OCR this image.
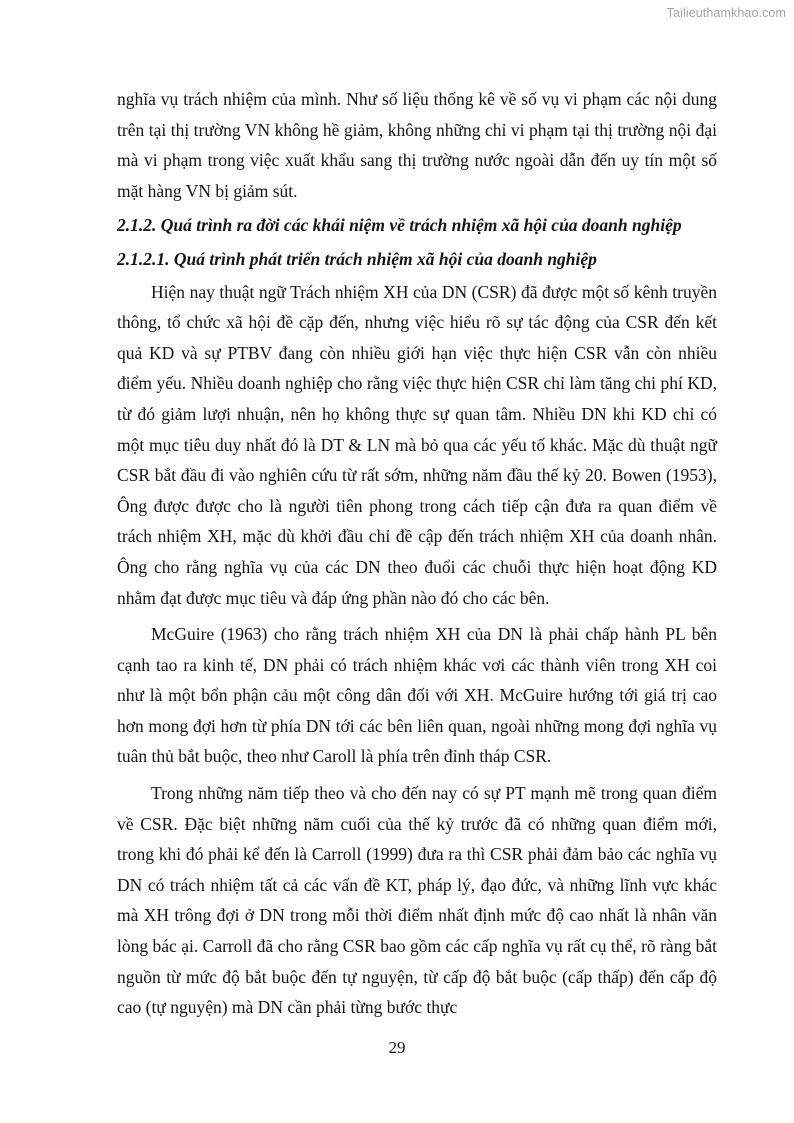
Tailieuthamkhao.com

nghĩa vụ trách nhiệm của mình. Như số liệu thống kê về số vụ vi phạm các nội dung trên tại thị trường VN không hề giảm, không những chỉ vi phạm tại thị trường nội đại mà vi phạm trong việc xuất khẩu sang thị trường nước ngoài dẫn đến uy tín một số mặt hàng VN bị giảm sút.

2.1.2. Quá trình ra đời các khái niệm về trách nhiệm xã hội của doanh nghiệp
2.1.2.1. Quá trình phát triển trách nhiệm xã hội của doanh nghiệp

Hiện nay thuật ngữ Trách nhiệm XH của DN (CSR) đã được một số kênh truyền thông, tổ chức xã hội đề cặp đến, nhưng việc hiểu rõ sự tác động của CSR đến kết quả KD và sự PTBV đang còn nhiều giới hạn việc thực hiện CSR vẫn còn nhiều điểm yếu. Nhiều doanh nghiệp cho rằng việc thực hiện CSR chỉ làm tăng chi phí KD, từ đó giảm lượi nhuận, nên họ không thực sự quan tâm. Nhiều DN khi KD chỉ có một mục tiêu duy nhất đó là DT & LN mà bỏ qua các yếu tố khác. Mặc dù thuật ngữ CSR bắt đầu đi vào nghiên cứu từ rất sớm, những năm đầu thế kỷ 20. Bowen (1953), Ông được được cho là người tiên phong trong cách tiếp cận đưa ra quan điểm về trách nhiệm XH, mặc dù khởi đầu chỉ đề cập đến trách nhiệm XH của doanh nhân. Ông cho rằng nghĩa vụ của các DN theo đuổi các chuỗi thực hiện hoạt động KD nhằm đạt được mục tiêu và đáp ứng phần nào đó cho các bên.

McGuire (1963) cho rằng trách nhiệm XH của DN là phải chấp hành PL bên cạnh tao ra kinh tế, DN phải có trách nhiệm khác vơi các thành viên trong XH coi như là một bổn phận cảu một công dân đối với XH. McGuire hướng tới giá trị cao hơn mong đợi hơn từ phía DN tới các bên liên quan, ngoài những mong đợi nghĩa vụ tuân thủ bắt buộc, theo như Caroll là phía trên đỉnh tháp CSR.

Trong những năm tiếp theo và cho đến nay có sự PT mạnh mẽ trong quan điểm về CSR. Đặc biệt những năm cuối của thế kỷ trước đã có những quan điểm mới, trong khi đó phải kể đến là Carroll (1999) đưa ra thì CSR phải đảm bảo các nghĩa vụ DN có trách nhiệm tất cả các vấn đề KT, pháp lý, đạo đức, và những lĩnh vực khác mà XH trông đợi ở DN trong mỗi thời điểm nhất định mức độ cao nhất là nhân văn lòng bác ại. Carroll đã cho rằng CSR bao gồm các cấp nghĩa vụ rất cụ thể, rõ ràng bắt nguồn từ mức độ bắt buộc đến tự nguyện, từ cấp độ bắt buộc (cấp thấp) đến cấp độ cao (tự nguyện) mà DN cần phải từng bước thực

29
